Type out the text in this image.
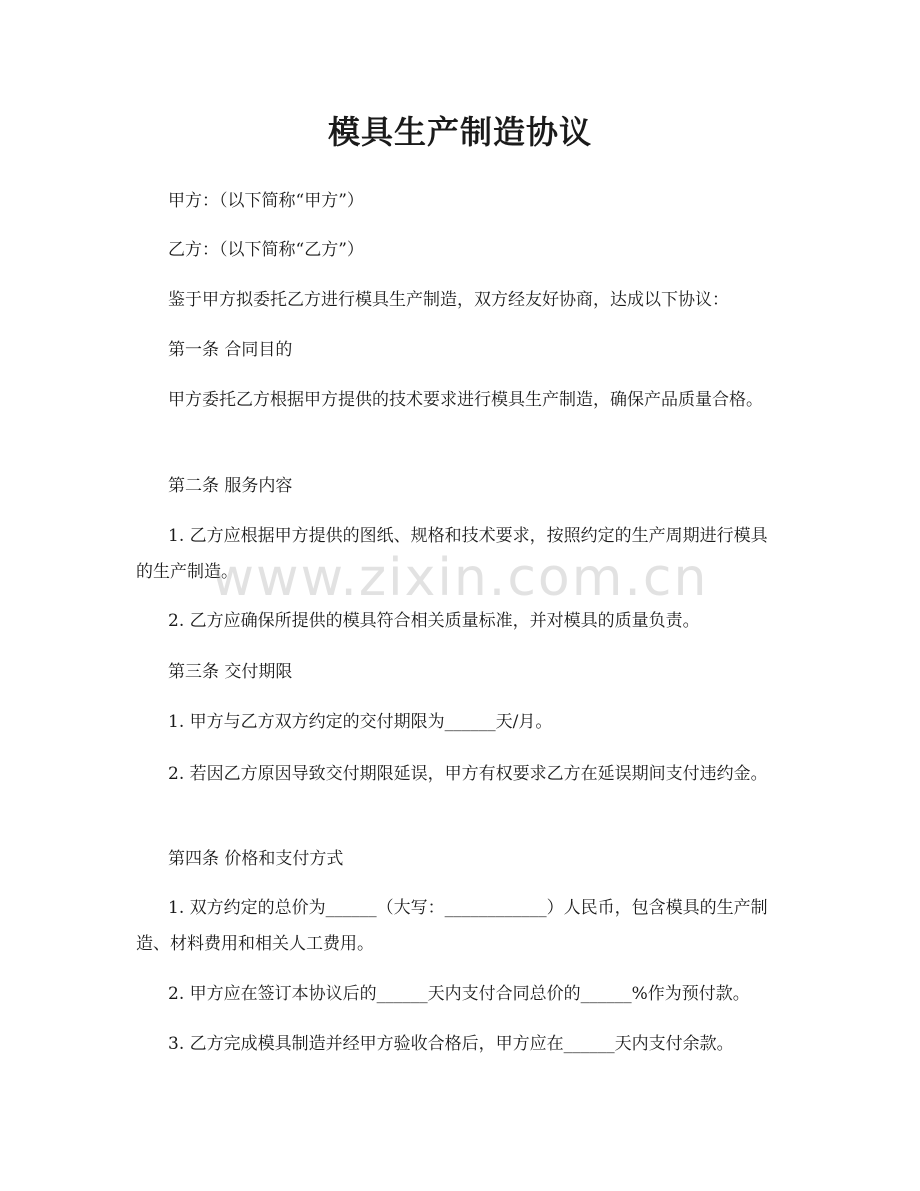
模具生产制造协议

甲方：（以下简称“甲方”）

乙方：（以下简称“乙方”）

鉴于甲方拟委托乙方进行模具生产制造，双方经友好协商，达成以下协议：

第一条 合同目的

甲方委托乙方根据甲方提供的技术要求进行模具生产制造，确保产品质量合格。

第二条 服务内容

1. 乙方应根据甲方提供的图纸、规格和技术要求，按照约定的生产周期进行模具的生产制造。

2. 乙方应确保所提供的模具符合相关质量标准，并对模具的质量负责。

第三条 交付期限

1. 甲方与乙方双方约定的交付期限为______天/月。

2. 若因乙方原因导致交付期限延误，甲方有权要求乙方在延误期间支付违约金。

第四条 价格和支付方式

1. 双方约定的总价为______（大写：____________）人民币，包含模具的生产制造、材料费用和相关人工费用。

2. 甲方应在签订本协议后的______天内支付合同总价的______%作为预付款。

3. 乙方完成模具制造并经甲方验收合格后，甲方应在______天内支付余款。

www.zixin.com.cn
